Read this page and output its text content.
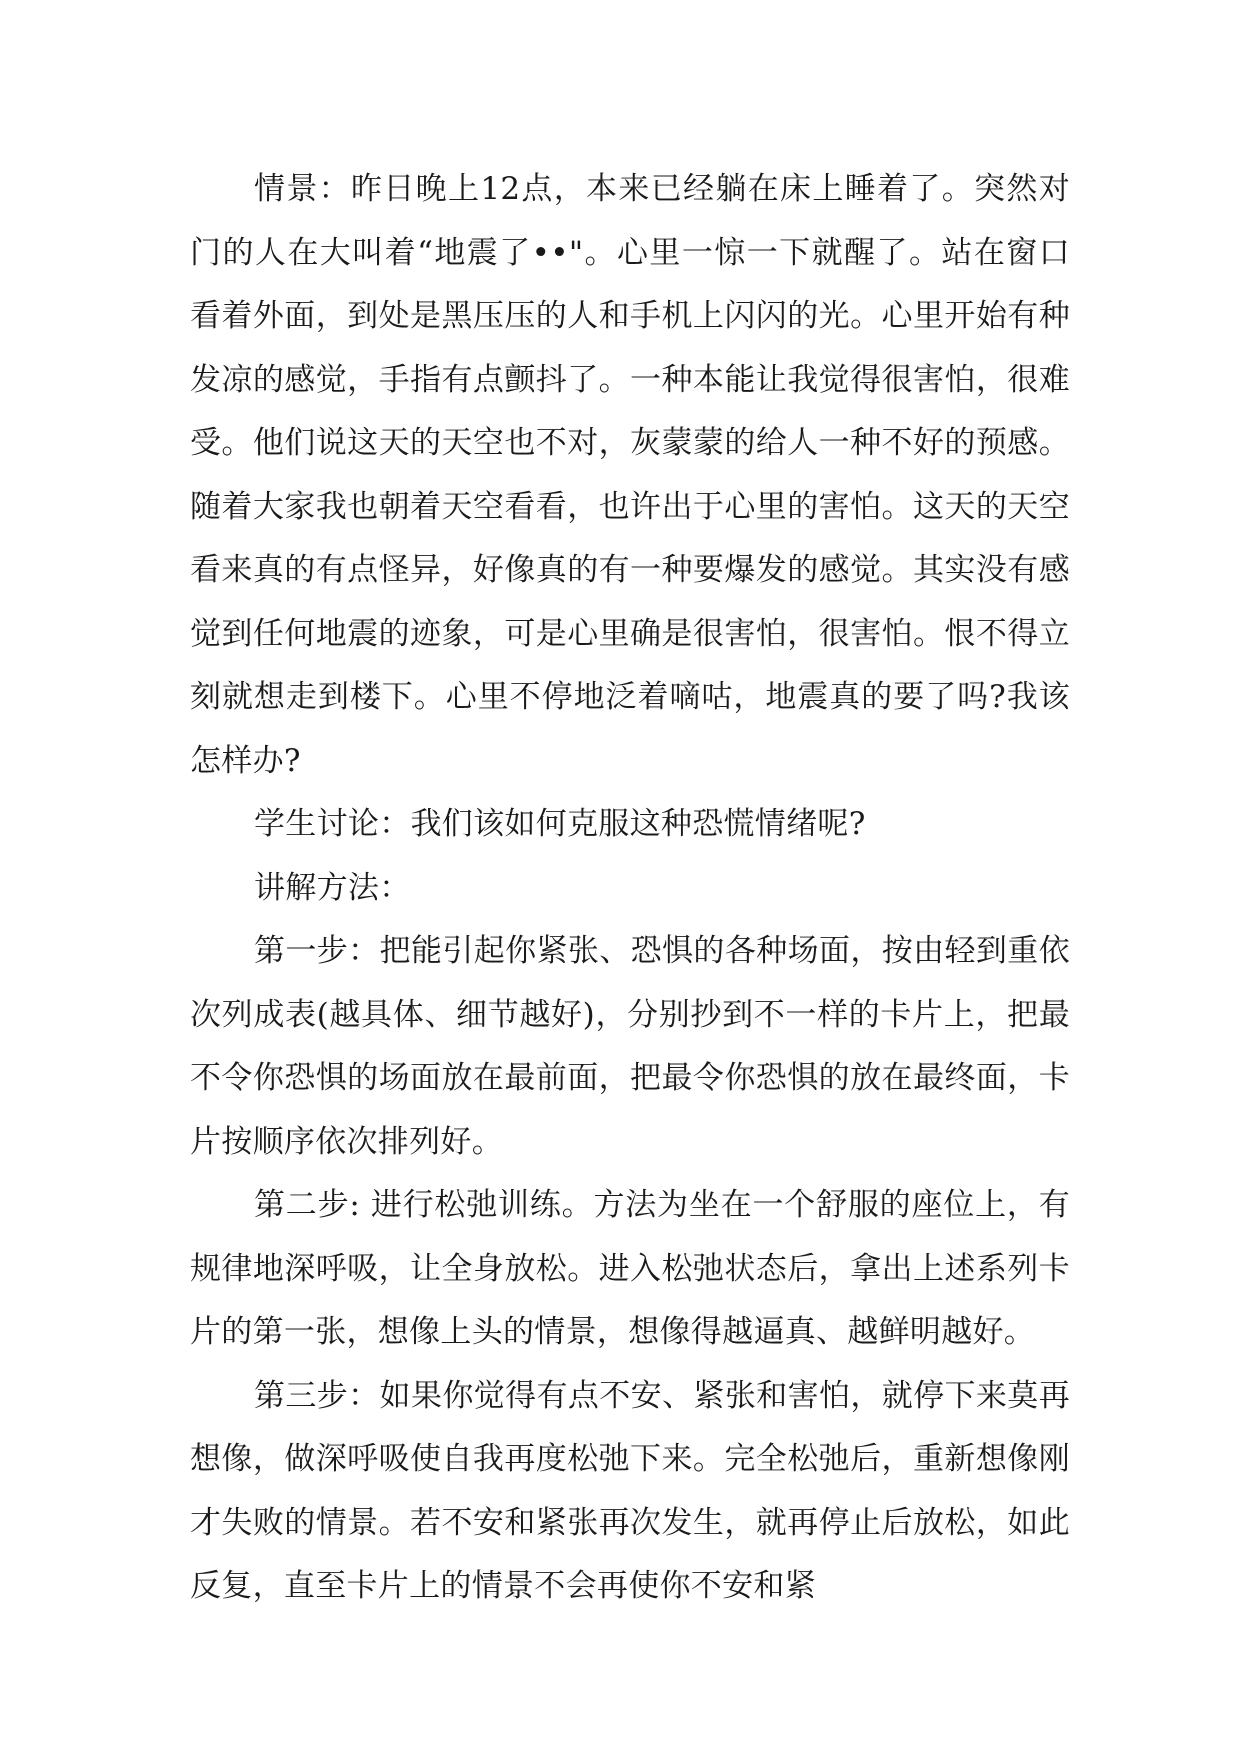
情景：昨日晚上12点，本来已经躺在床上睡着了。突然对门的人在大叫着“地震了••"。心里一惊一下就醒了。站在窗口看着外面，到处是黑压压的人和手机上闪闪的光。心里开始有种发凉的感觉，手指有点颤抖了。一种本能让我觉得很害怕，很难受。他们说这天的天空也不对，灰蒙蒙的给人一种不好的预感。随着大家我也朝着天空看看，也许出于心里的害怕。这天的天空看来真的有点怪异，好像真的有一种要爆发的感觉。其实没有感觉到任何地震的迹象，可是心里确是很害怕，很害怕。恨不得立刻就想走到楼下。心里不停地泛着嘀咕，地震真的要了吗?我该怎样办?

学生讨论：我们该如何克服这种恐慌情绪呢?

讲解方法：

第一步：把能引起你紧张、恐惧的各种场面，按由轻到重依次列成表(越具体、细节越好)，分别抄到不一样的卡片上，把最不令你恐惧的场面放在最前面，把最令你恐惧的放在最终面，卡片按顺序依次排列好。

第二步: 进行松弛训练。方法为坐在一个舒服的座位上，有规律地深呼吸，让全身放松。进入松弛状态后，拿出上述系列卡片的第一张，想像上头的情景，想像得越逼真、越鲜明越好。

第三步：如果你觉得有点不安、紧张和害怕，就停下来莫再想像，做深呼吸使自我再度松弛下来。完全松弛后，重新想像刚才失败的情景。若不安和紧张再次发生，就再停止后放松，如此反复，直至卡片上的情景不会再使你不安和紧
